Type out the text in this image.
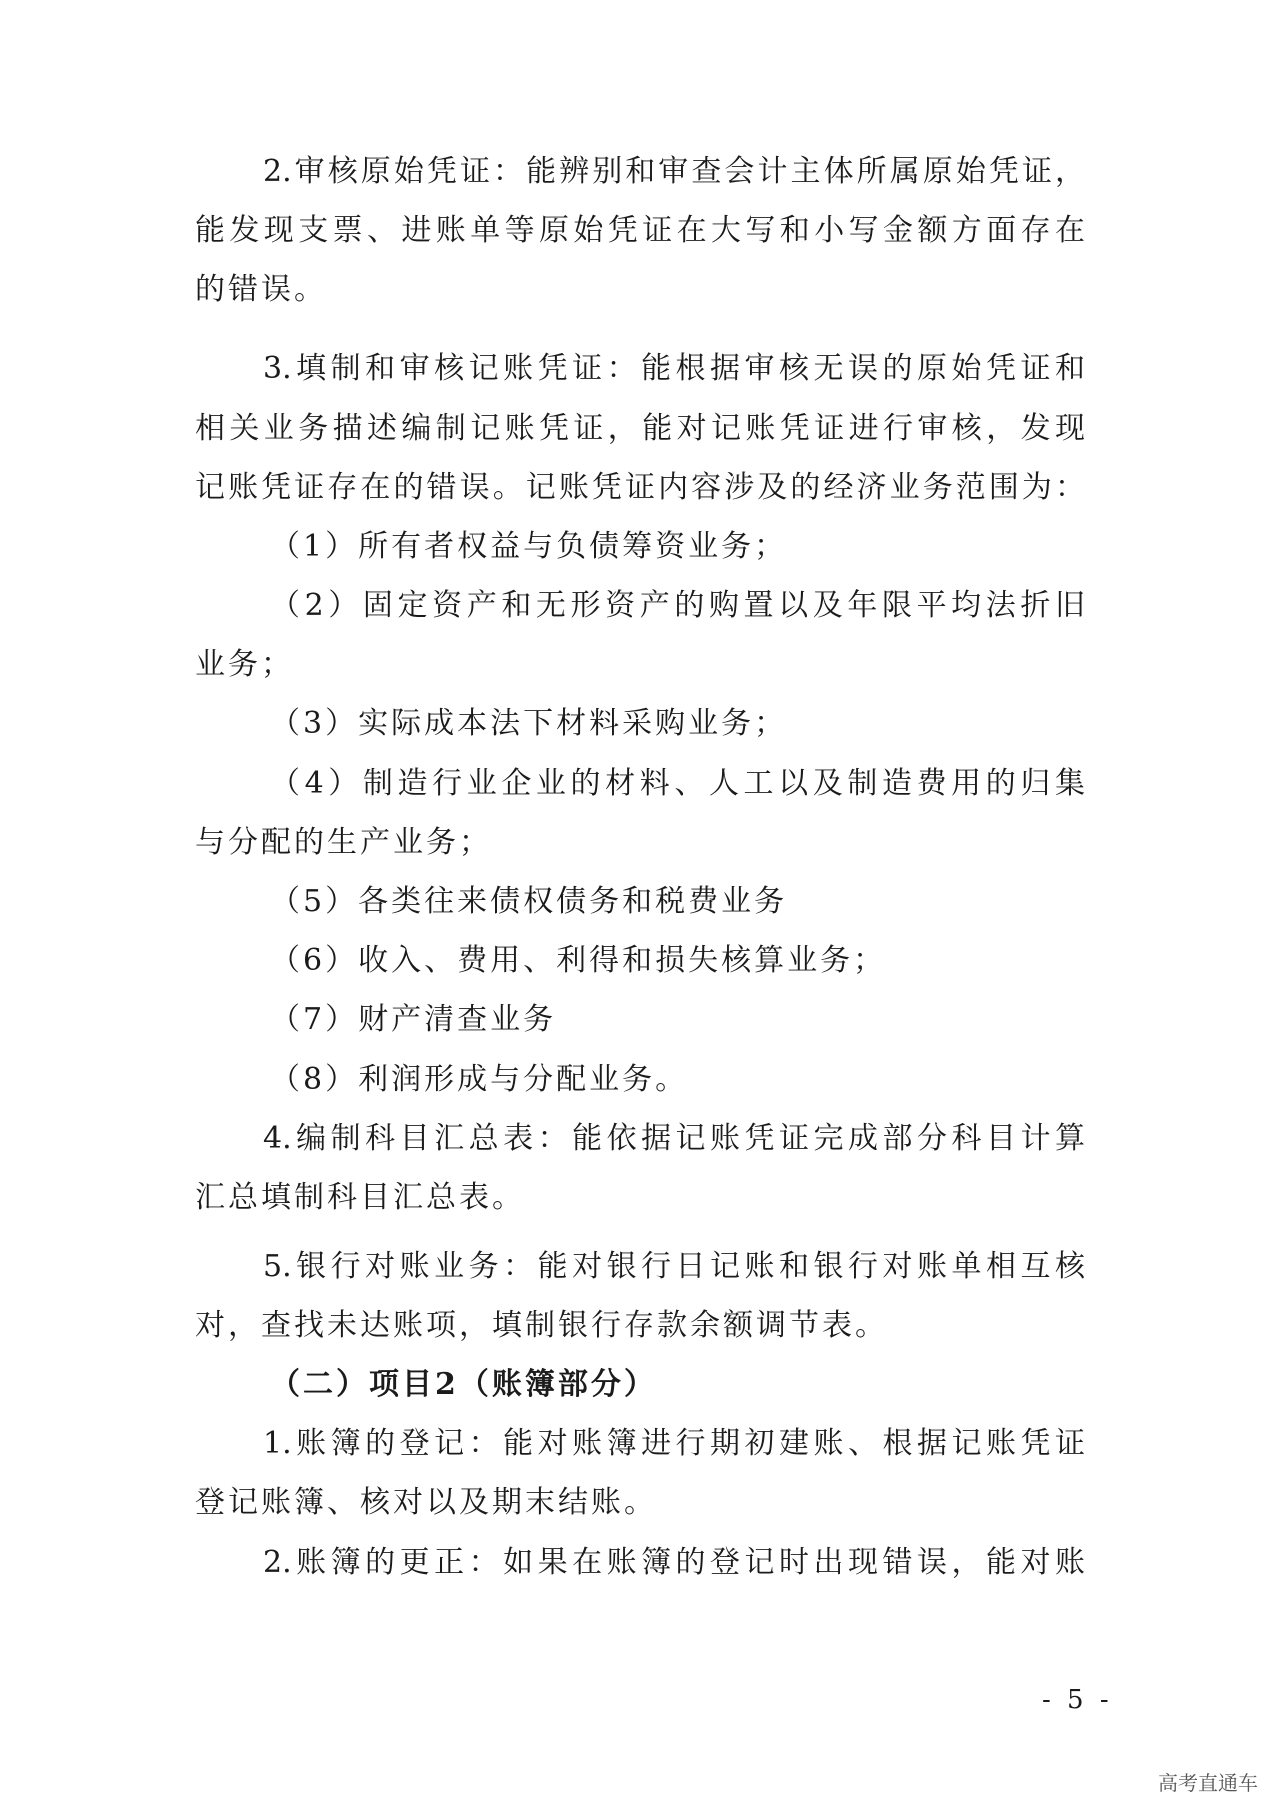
2.审核原始凭证：能辨别和审查会计主体所属原始凭证，
能发现支票、进账单等原始凭证在大写和小写金额方面存在
的错误。
3.填制和审核记账凭证：能根据审核无误的原始凭证和
相关业务描述编制记账凭证，能对记账凭证进行审核，发现
记账凭证存在的错误。记账凭证内容涉及的经济业务范围为：
（1）所有者权益与负债筹资业务；
（2）固定资产和无形资产的购置以及年限平均法折旧
业务；
（3）实际成本法下材料采购业务；
（4）制造行业企业的材料、人工以及制造费用的归集
与分配的生产业务；
（5）各类往来债权债务和税费业务
（6）收入、费用、利得和损失核算业务；
（7）财产清查业务
（8）利润形成与分配业务。
4.编制科目汇总表：能依据记账凭证完成部分科目计算
汇总填制科目汇总表。
5.银行对账业务：能对银行日记账和银行对账单相互核
对，查找未达账项，填制银行存款余额调节表。
（二）项目2（账簿部分）
1.账簿的登记：能对账簿进行期初建账、根据记账凭证
登记账簿、核对以及期末结账。
2.账簿的更正：如果在账簿的登记时出现错误，能对账
- 5 -
高考直通车
